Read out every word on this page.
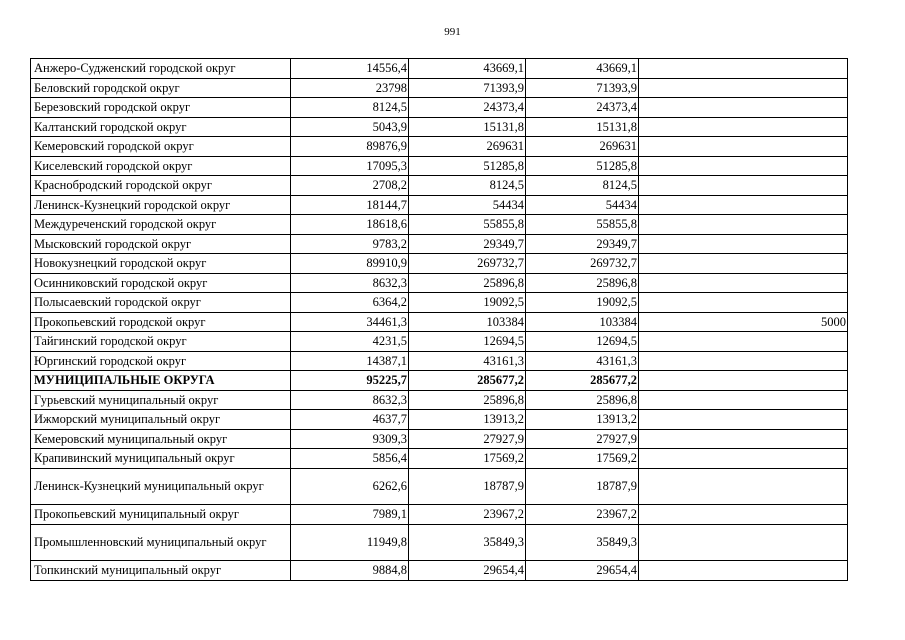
991
Анжеро-Судженский городской округ	14556,4	43669,1	43669,1	
Беловский городской округ	23798	71393,9	71393,9	
Березовский городской округ	8124,5	24373,4	24373,4	
Калтанский городской округ	5043,9	15131,8	15131,8	
Кемеровский городской округ	89876,9	269631	269631	
Киселевский городской округ	17095,3	51285,8	51285,8	
Краснобродский городской округ	2708,2	8124,5	8124,5	
Ленинск-Кузнецкий городской округ	18144,7	54434	54434	
Междуреченский городской округ	18618,6	55855,8	55855,8	
Мысковский городской округ	9783,2	29349,7	29349,7	
Новокузнецкий городской округ	89910,9	269732,7	269732,7	
Осинниковский городской округ	8632,3	25896,8	25896,8	
Полысаевский городской округ	6364,2	19092,5	19092,5	
Прокопьевский городской округ	34461,3	103384	103384	5000
Тайгинский городской округ	4231,5	12694,5	12694,5	
Юргинский городской округ	14387,1	43161,3	43161,3	
МУНИЦИПАЛЬНЫЕ ОКРУГА	95225,7	285677,2	285677,2	
Гурьевский муниципальный округ	8632,3	25896,8	25896,8	
Ижморский муниципальный округ	4637,7	13913,2	13913,2	
Кемеровский муниципальный округ	9309,3	27927,9	27927,9	
Крапивинский муниципальный округ	5856,4	17569,2	17569,2	
Ленинск-Кузнецкий муниципальный округ	6262,6	18787,9	18787,9	
Прокопьевский муниципальный округ	7989,1	23967,2	23967,2	
Промышленновский муниципальный округ	11949,8	35849,3	35849,3	
Топкинский муниципальный округ	9884,8	29654,4	29654,4	
